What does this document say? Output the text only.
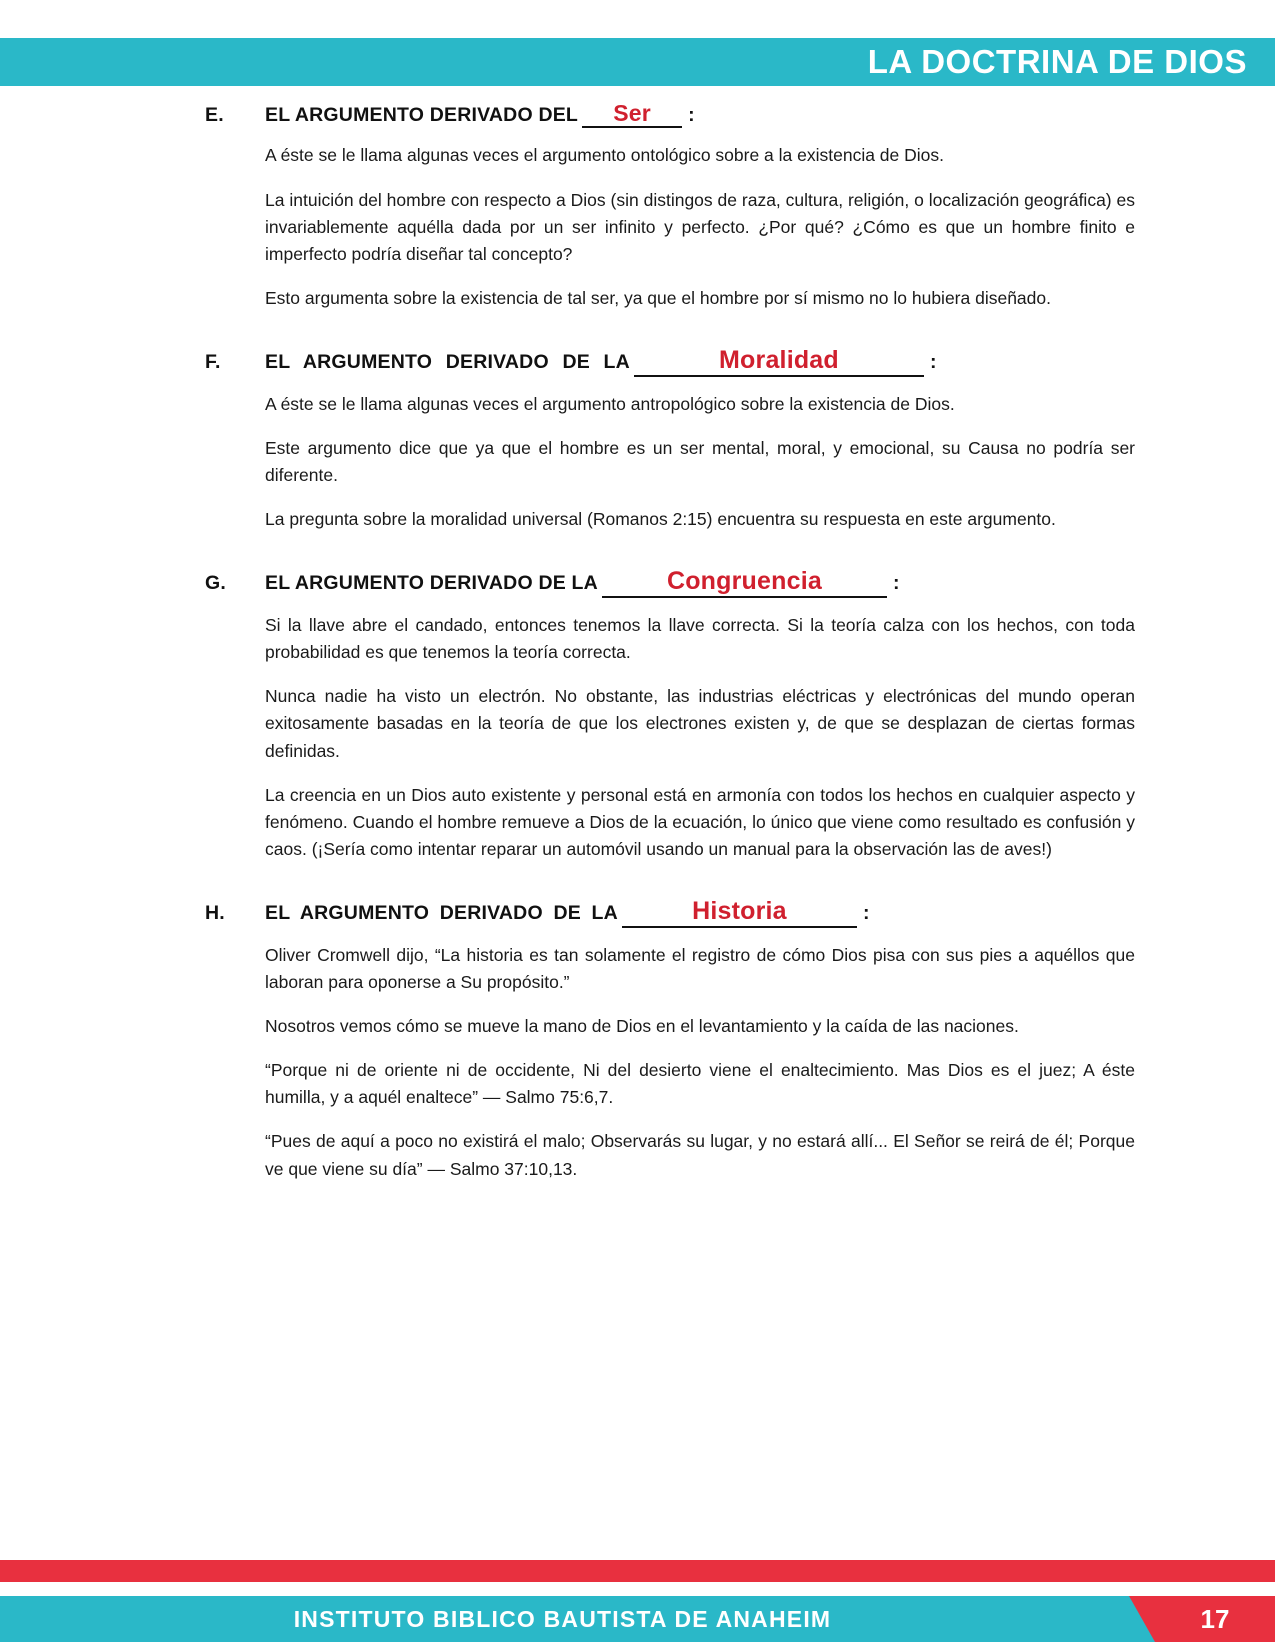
LA DOCTRINA DE DIOS
E.	EL ARGUMENTO DERIVADO DEL	Ser	:

A éste se le llama algunas veces el argumento ontológico sobre a la existencia de Dios.

La intuición del hombre con respecto a Dios (sin distingos de raza, cultura, religión, o localización geográfica) es invariablemente aquélla dada por un ser infinito y perfecto. ¿Por qué? ¿Cómo es que un hombre finito e imperfecto podría diseñar tal concepto?

Esto argumenta sobre la existencia de tal ser, ya que el hombre por sí mismo no lo hubiera diseñado.

F.	EL ARGUMENTO DERIVADO DE LA	Moralidad	:

A éste se le llama algunas veces el argumento antropológico sobre la existencia de Dios.

Este argumento dice que ya que el hombre es un ser mental, moral, y emocional, su Causa no podría ser diferente.

La pregunta sobre la moralidad universal (Romanos 2:15) encuentra su respuesta en este argumento.

G.	EL ARGUMENTO DERIVADO DE LA	Congruencia	:

Si la llave abre el candado, entonces tenemos la llave correcta. Si la teoría calza con los hechos, con toda probabilidad es que tenemos la teoría correcta.

Nunca nadie ha visto un electrón. No obstante, las industrias eléctricas y electrónicas del mundo operan exitosamente basadas en la teoría de que los electrones existen y, de que se desplazan de ciertas formas definidas.

La creencia en un Dios auto existente y personal está en armonía con todos los hechos en cualquier aspecto y fenómeno. Cuando el hombre remueve a Dios de la ecuación, lo único que viene como resultado es confusión y caos. (¡Sería como intentar reparar un automóvil usando un manual para la observación las de aves!)

H.	EL ARGUMENTO DERIVADO DE LA	Historia	:

Oliver Cromwell dijo, “La historia es tan solamente el registro de cómo Dios pisa con sus pies a aquéllos que laboran para oponerse a Su propósito.”

Nosotros vemos cómo se mueve la mano de Dios en el levantamiento y la caída de las naciones.

“Porque ni de oriente ni de occidente, Ni del desierto viene el enaltecimiento. Mas Dios es el juez; A éste humilla, y a aquél enaltece” — Salmo 75:6,7.

“Pues de aquí a poco no existirá el malo; Observarás su lugar, y no estará allí... El Señor se reirá de él; Porque ve que viene su día” — Salmo 37:10,13.

INSTITUTO BIBLICO BAUTISTA DE ANAHEIM	17
